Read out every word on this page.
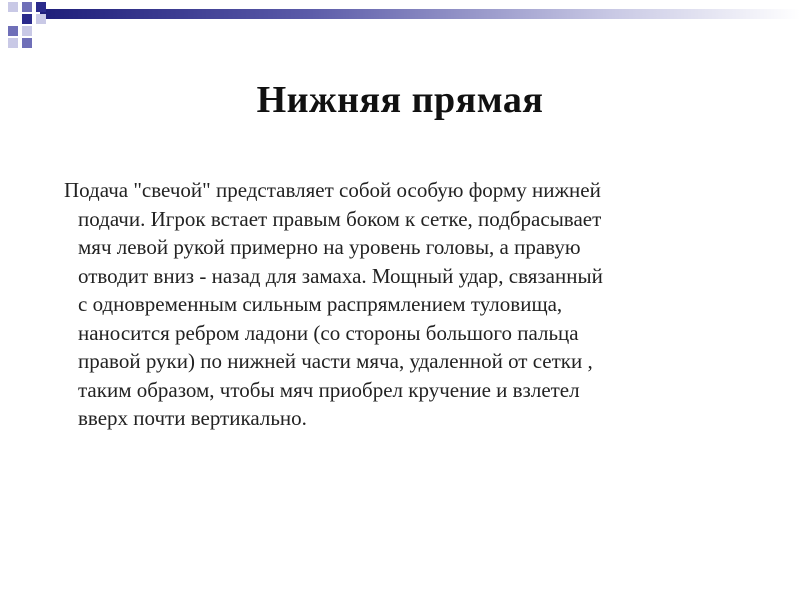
Нижняя прямая

Подача "свечой" представляет собой особую форму нижней
подачи. Игрок встает правым боком к сетке, подбрасывает
мяч левой рукой примерно на уровень головы, а правую
отводит вниз - назад для замаха. Мощный удар, связанный
с одновременным сильным распрямлением туловища,
наносится ребром ладони (со стороны большого пальца
правой руки) по нижней части мяча, удаленной от сетки ,
таким образом, чтобы мяч приобрел кручение и взлетел
вверх почти вертикально.
